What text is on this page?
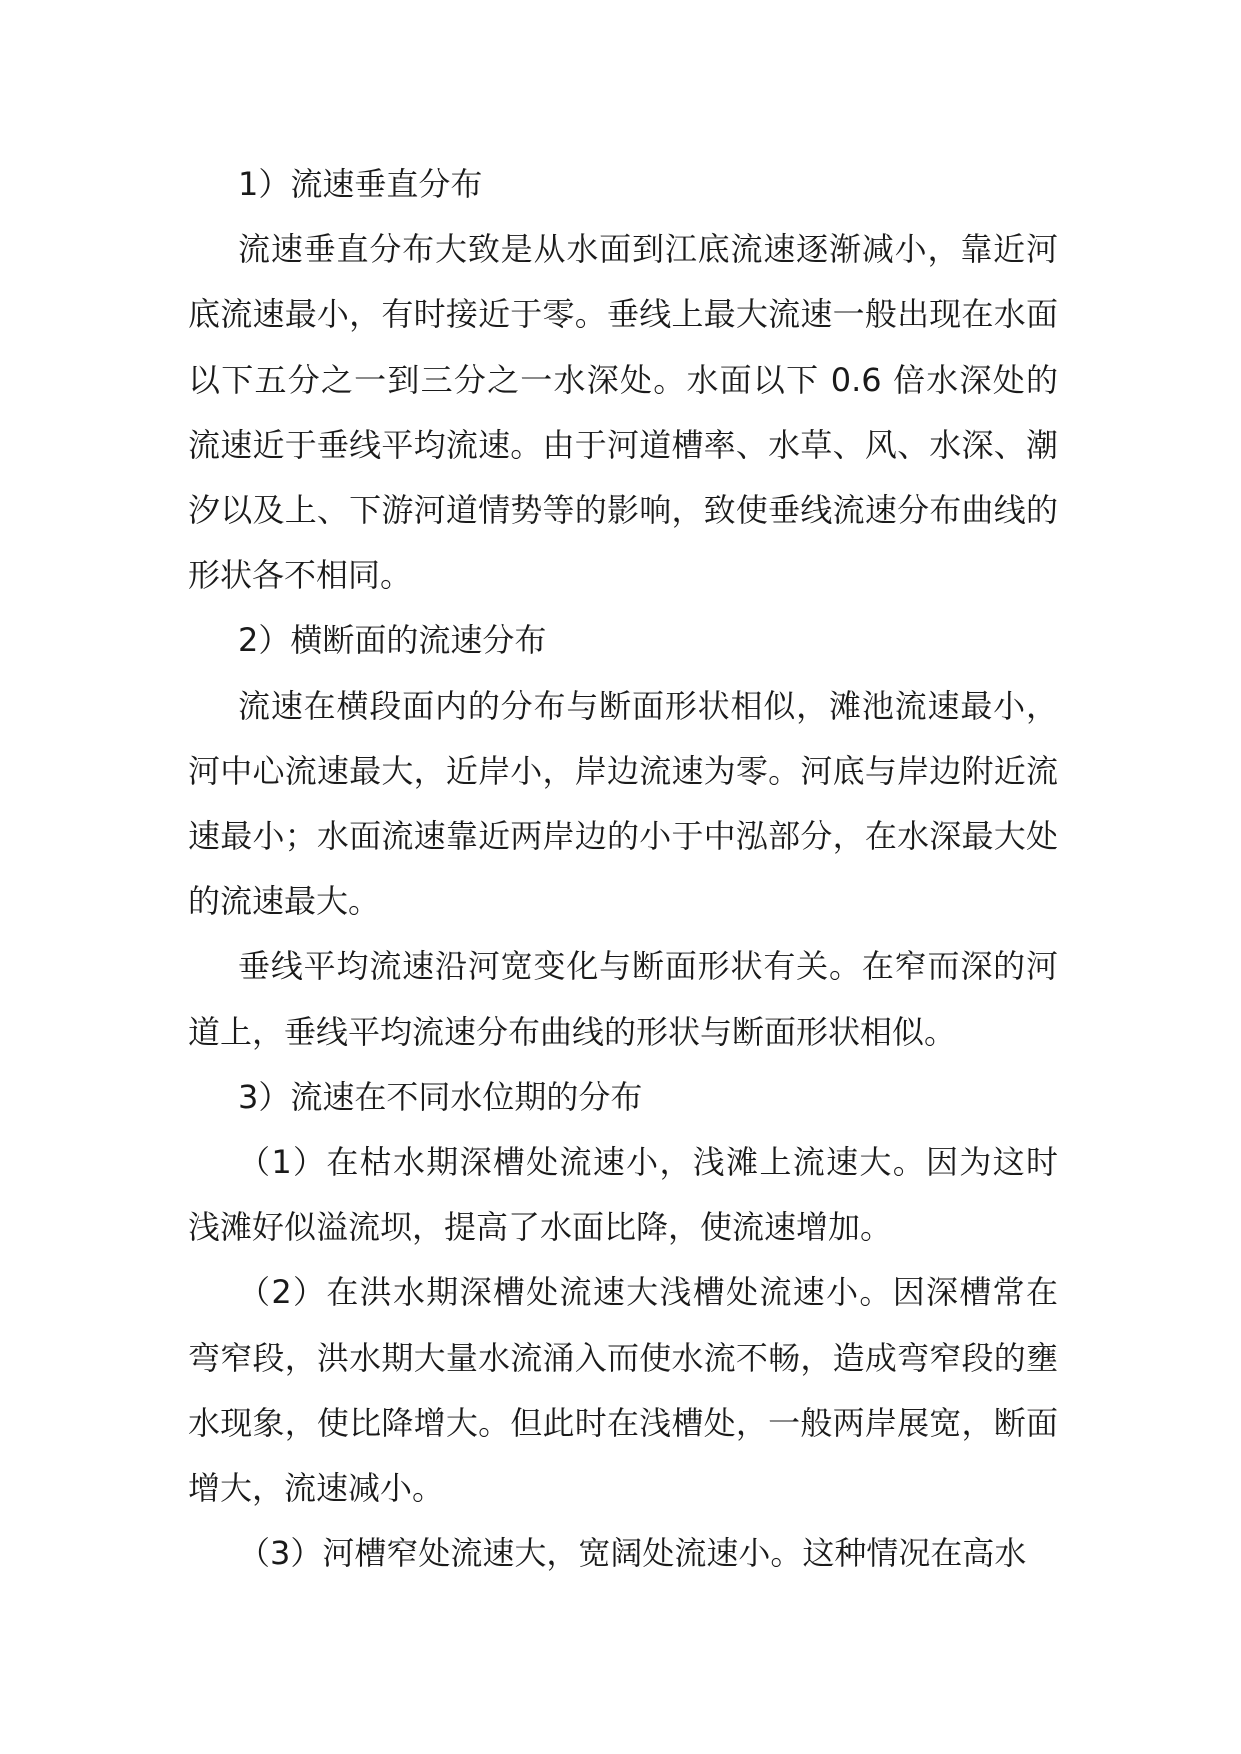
1）流速垂直分布

流速垂直分布大致是从水面到江底流速逐渐减小，靠近河底流速最小，有时接近于零。垂线上最大流速一般出现在水面以下五分之一到三分之一水深处。水面以下 0.6 倍水深处的流速近于垂线平均流速。由于河道槽率、水草、风、水深、潮汐以及上、下游河道情势等的影响，致使垂线流速分布曲线的形状各不相同。

2）横断面的流速分布

流速在横段面内的分布与断面形状相似，滩池流速最小，河中心流速最大，近岸小，岸边流速为零。河底与岸边附近流速最小；水面流速靠近两岸边的小于中泓部分，在水深最大处的流速最大。

垂线平均流速沿河宽变化与断面形状有关。在窄而深的河道上，垂线平均流速分布曲线的形状与断面形状相似。

3）流速在不同水位期的分布

（1）在枯水期深槽处流速小，浅滩上流速大。因为这时浅滩好似溢流坝，提高了水面比降，使流速增加。

（2）在洪水期深槽处流速大浅槽处流速小。因深槽常在弯窄段，洪水期大量水流涌入而使水流不畅，造成弯窄段的壅水现象，使比降增大。但此时在浅槽处，一般两岸展宽，断面增大，流速减小。

（3）河槽窄处流速大，宽阔处流速小。这种情况在高水
